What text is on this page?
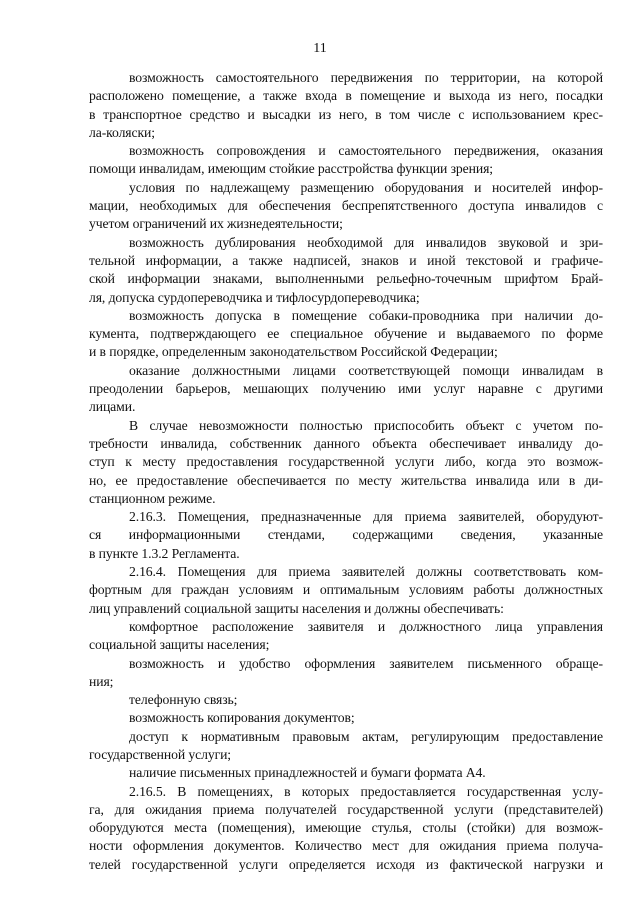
11
возможность самостоятельного передвижения по территории, на которой
расположено помещение, а также входа в помещение и выхода из него, посадки
в транспортное средство и высадки из него, в том числе с использованием крес-
ла-коляски;
возможность сопровождения и самостоятельного передвижения, оказания
помощи инвалидам, имеющим стойкие расстройства функции зрения;
условия по надлежащему размещению оборудования и носителей инфор-
мации, необходимых для обеспечения беспрепятственного доступа инвалидов с
учетом ограничений их жизнедеятельности;
возможность дублирования необходимой для инвалидов звуковой и зри-
тельной информации, а также надписей, знаков и иной текстовой и графиче-
ской информации знаками, выполненными рельефно-точечным шрифтом Брай-
ля, допуска сурдопереводчика и тифлосурдопереводчика;
возможность допуска в помещение собаки-проводника при наличии до-
кумента, подтверждающего ее специальное обучение и выдаваемого по форме
и в порядке, определенным законодательством Российской Федерации;
оказание должностными лицами соответствующей помощи инвалидам в
преодолении барьеров, мешающих получению ими услуг наравне с другими
лицами.
В случае невозможности полностью приспособить объект с учетом по-
требности инвалида, собственник данного объекта обеспечивает инвалиду до-
ступ к месту предоставления государственной услуги либо, когда это возмож-
но, ее предоставление обеспечивается по месту жительства инвалида или в ди-
станционном режиме.
2.16.3. Помещения, предназначенные для приема заявителей, оборудуют-
ся информационными стендами, содержащими сведения, указанные
в пункте 1.3.2 Регламента.
2.16.4. Помещения для приема заявителей должны соответствовать ком-
фортным для граждан условиям и оптимальным условиям работы должностных
лиц управлений социальной защиты населения и должны обеспечивать:
комфортное расположение заявителя и должностного лица управления
социальной защиты населения;
возможность и удобство оформления заявителем письменного обраще-
ния;
телефонную связь;
возможность копирования документов;
доступ к нормативным правовым актам, регулирующим предоставление
государственной услуги;
наличие письменных принадлежностей и бумаги формата А4.
2.16.5. В помещениях, в которых предоставляется государственная услу-
га, для ожидания приема получателей государственной услуги (представителей)
оборудуются места (помещения), имеющие стулья, столы (стойки) для возмож-
ности оформления документов. Количество мест для ожидания приема получа-
телей государственной услуги определяется исходя из фактической нагрузки и
